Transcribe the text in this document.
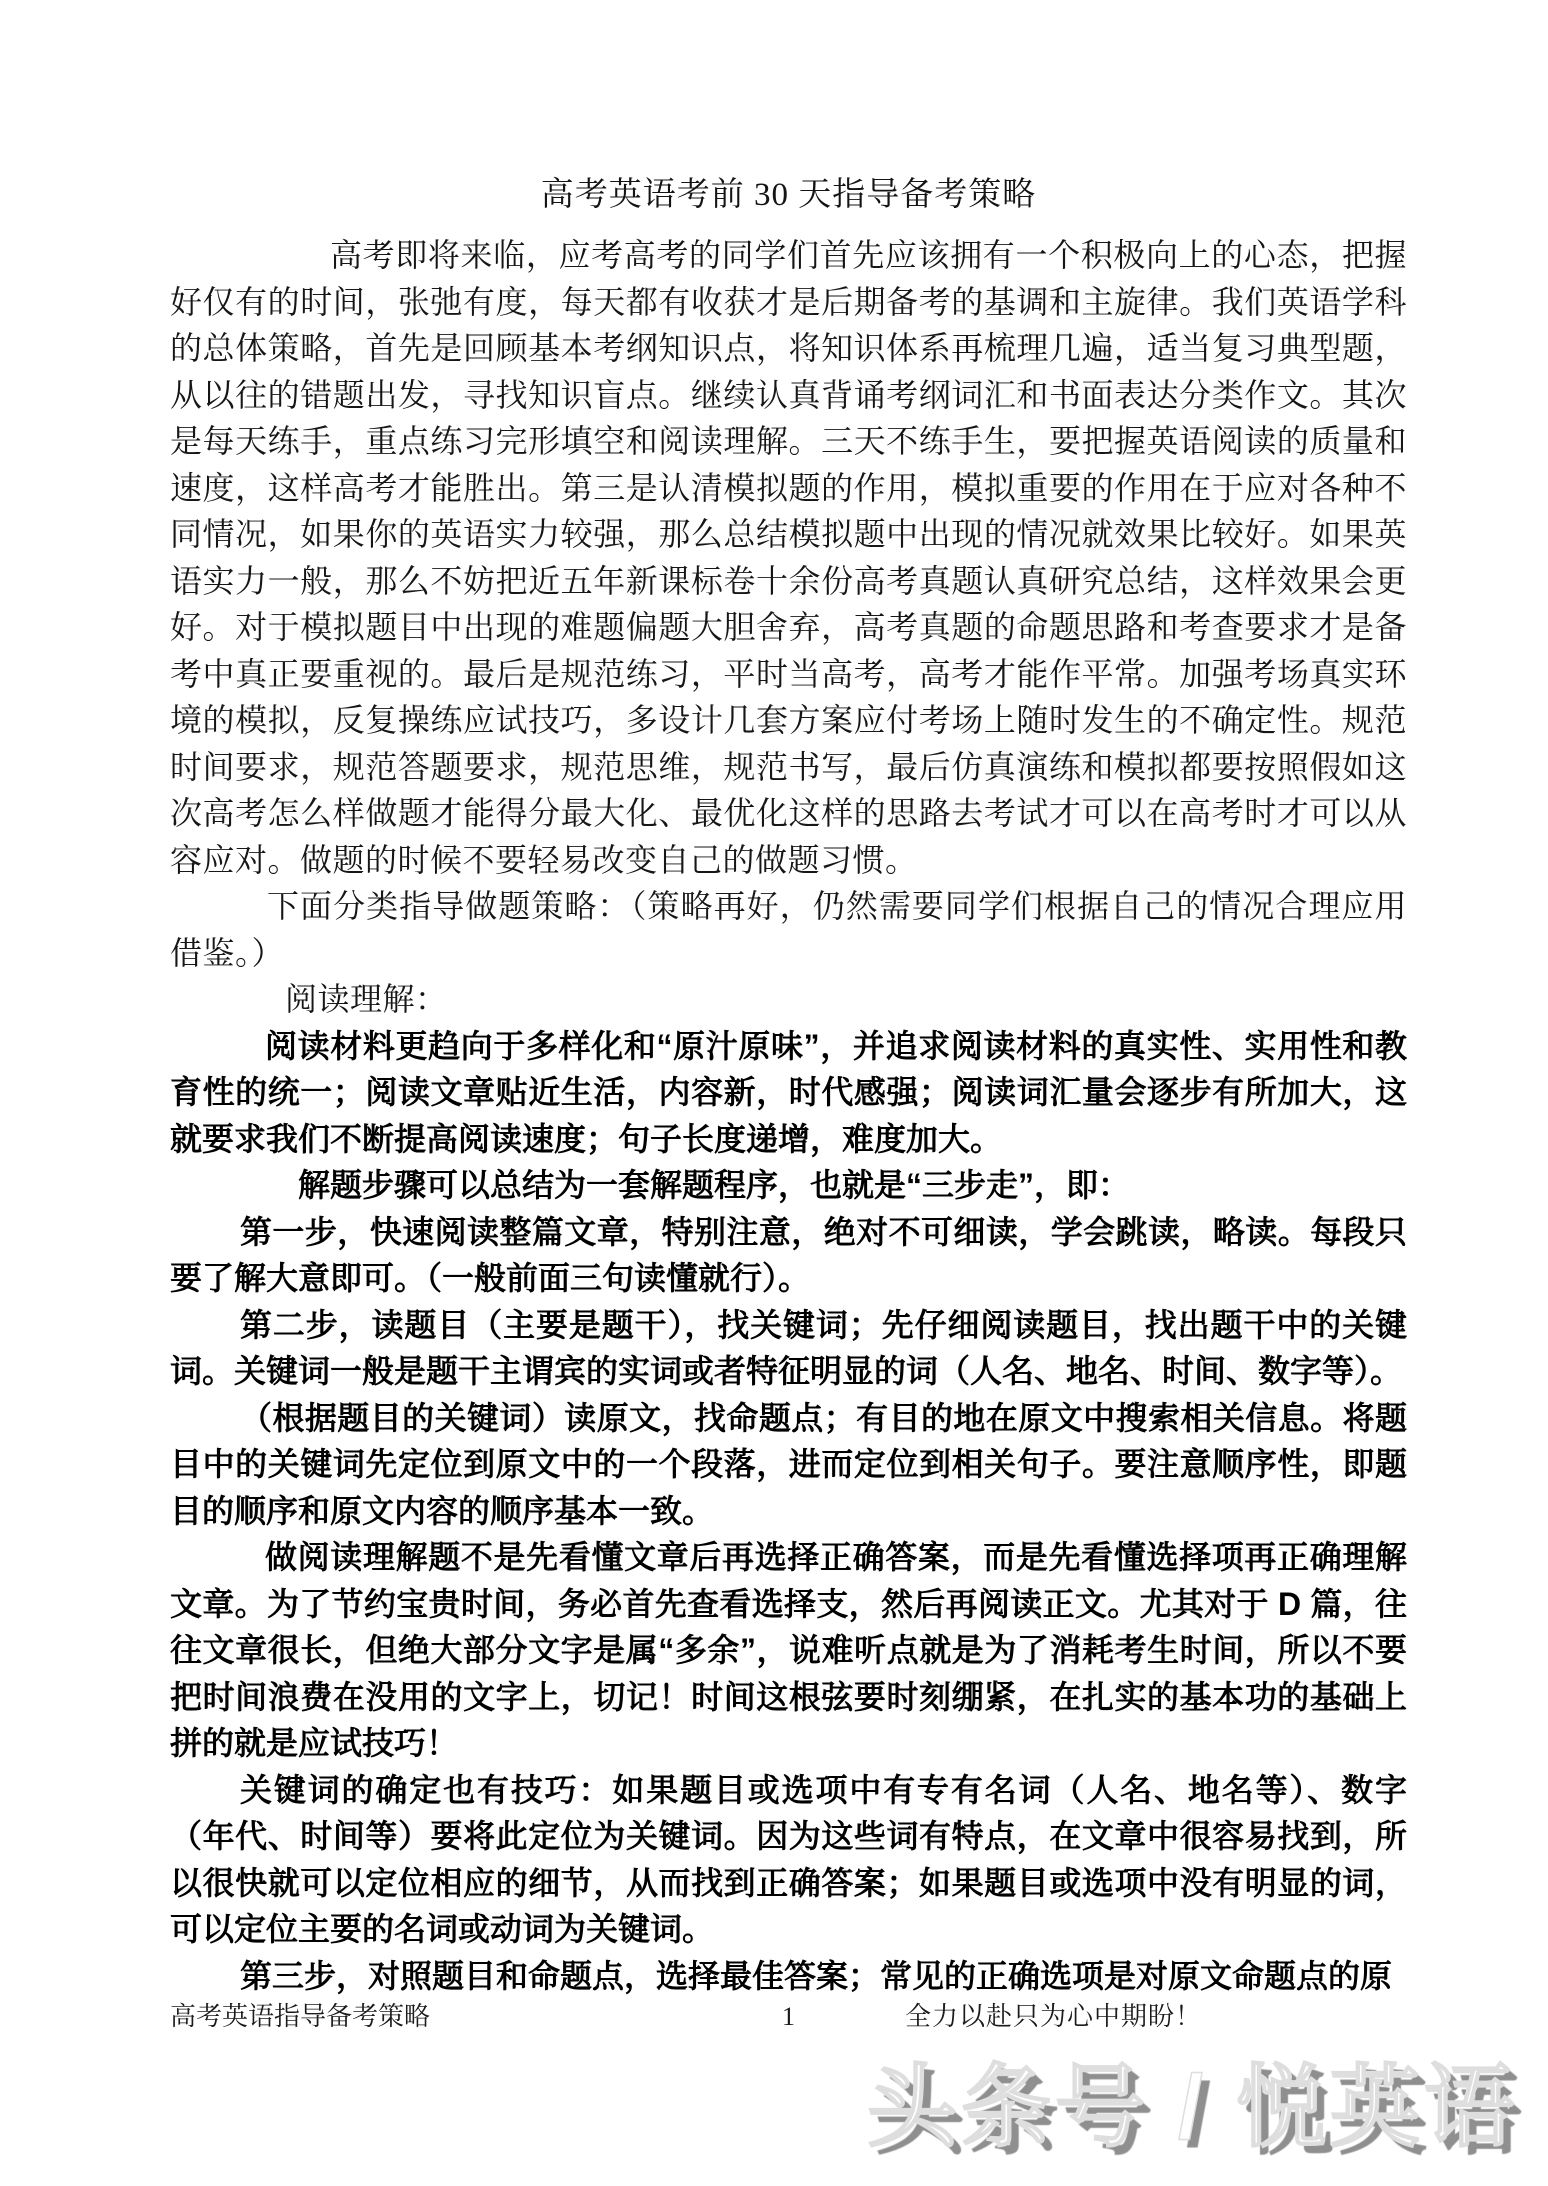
高考英语考前 30 天指导备考策略

高考即将来临，应考高考的同学们首先应该拥有一个积极向上的心态，把握好仅有的时间，张弛有度，每天都有收获才是后期备考的基调和主旋律。我们英语学科的总体策略，首先是回顾基本考纲知识点，将知识体系再梳理几遍，适当复习典型题，从以往的错题出发，寻找知识盲点。继续认真背诵考纲词汇和书面表达分类作文。其次是每天练手，重点练习完形填空和阅读理解。三天不练手生，要把握英语阅读的质量和速度，这样高考才能胜出。第三是认清模拟题的作用，模拟重要的作用在于应对各种不同情况，如果你的英语实力较强，那么总结模拟题中出现的情况就效果比较好。如果英语实力一般，那么不妨把近五年新课标卷十余份高考真题认真研究总结，这样效果会更好。对于模拟题目中出现的难题偏题大胆舍弃，高考真题的命题思路和考查要求才是备考中真正要重视的。最后是规范练习，平时当高考，高考才能作平常。加强考场真实环境的模拟，反复操练应试技巧，多设计几套方案应付考场上随时发生的不确定性。规范时间要求，规范答题要求，规范思维，规范书写，最后仿真演练和模拟都要按照假如这次高考怎么样做题才能得分最大化、最优化这样的思路去考试才可以在高考时才可以从容应对。做题的时候不要轻易改变自己的做题习惯。

下面分类指导做题策略：（策略再好，仍然需要同学们根据自己的情况合理应用借鉴。）

阅读理解：

阅读材料更趋向于多样化和“原汁原味”，并追求阅读材料的真实性、实用性和教育性的统一；阅读文章贴近生活，内容新，时代感强；阅读词汇量会逐步有所加大，这就要求我们不断提高阅读速度；句子长度递增，难度加大。

解题步骤可以总结为一套解题程序，也就是“三步走”，即：

第一步，快速阅读整篇文章，特别注意，绝对不可细读，学会跳读，略读。每段只要了解大意即可。（一般前面三句读懂就行）。

第二步，读题目（主要是题干），找关键词；先仔细阅读题目，找出题干中的关键词。关键词一般是题干主谓宾的实词或者特征明显的词（人名、地名、时间、数字等）。

（根据题目的关键词）读原文，找命题点；有目的地在原文中搜索相关信息。将题目中的关键词先定位到原文中的一个段落，进而定位到相关句子。要注意顺序性，即题目的顺序和原文内容的顺序基本一致。

做阅读理解题不是先看懂文章后再选择正确答案，而是先看懂选择项再正确理解文章。为了节约宝贵时间，务必首先查看选择支，然后再阅读正文。尤其对于 D 篇，往往文章很长，但绝大部分文字是属“多余”，说难听点就是为了消耗考生时间，所以不要把时间浪费在没用的文字上，切记！时间这根弦要时刻绷紧，在扎实的基本功的基础上拼的就是应试技巧！

关键词的确定也有技巧：如果题目或选项中有专有名词（人名、地名等）、数字（年代、时间等）要将此定位为关键词。因为这些词有特点，在文章中很容易找到，所以很快就可以定位相应的细节，从而找到正确答案；如果题目或选项中没有明显的词，可以定位主要的名词或动词为关键词。

第三步，对照题目和命题点，选择最佳答案；常见的正确选项是对原文命题点的原

1
高考英语指导备考策略	全力以赴只为心中期盼！
头条号 / 悦英语
